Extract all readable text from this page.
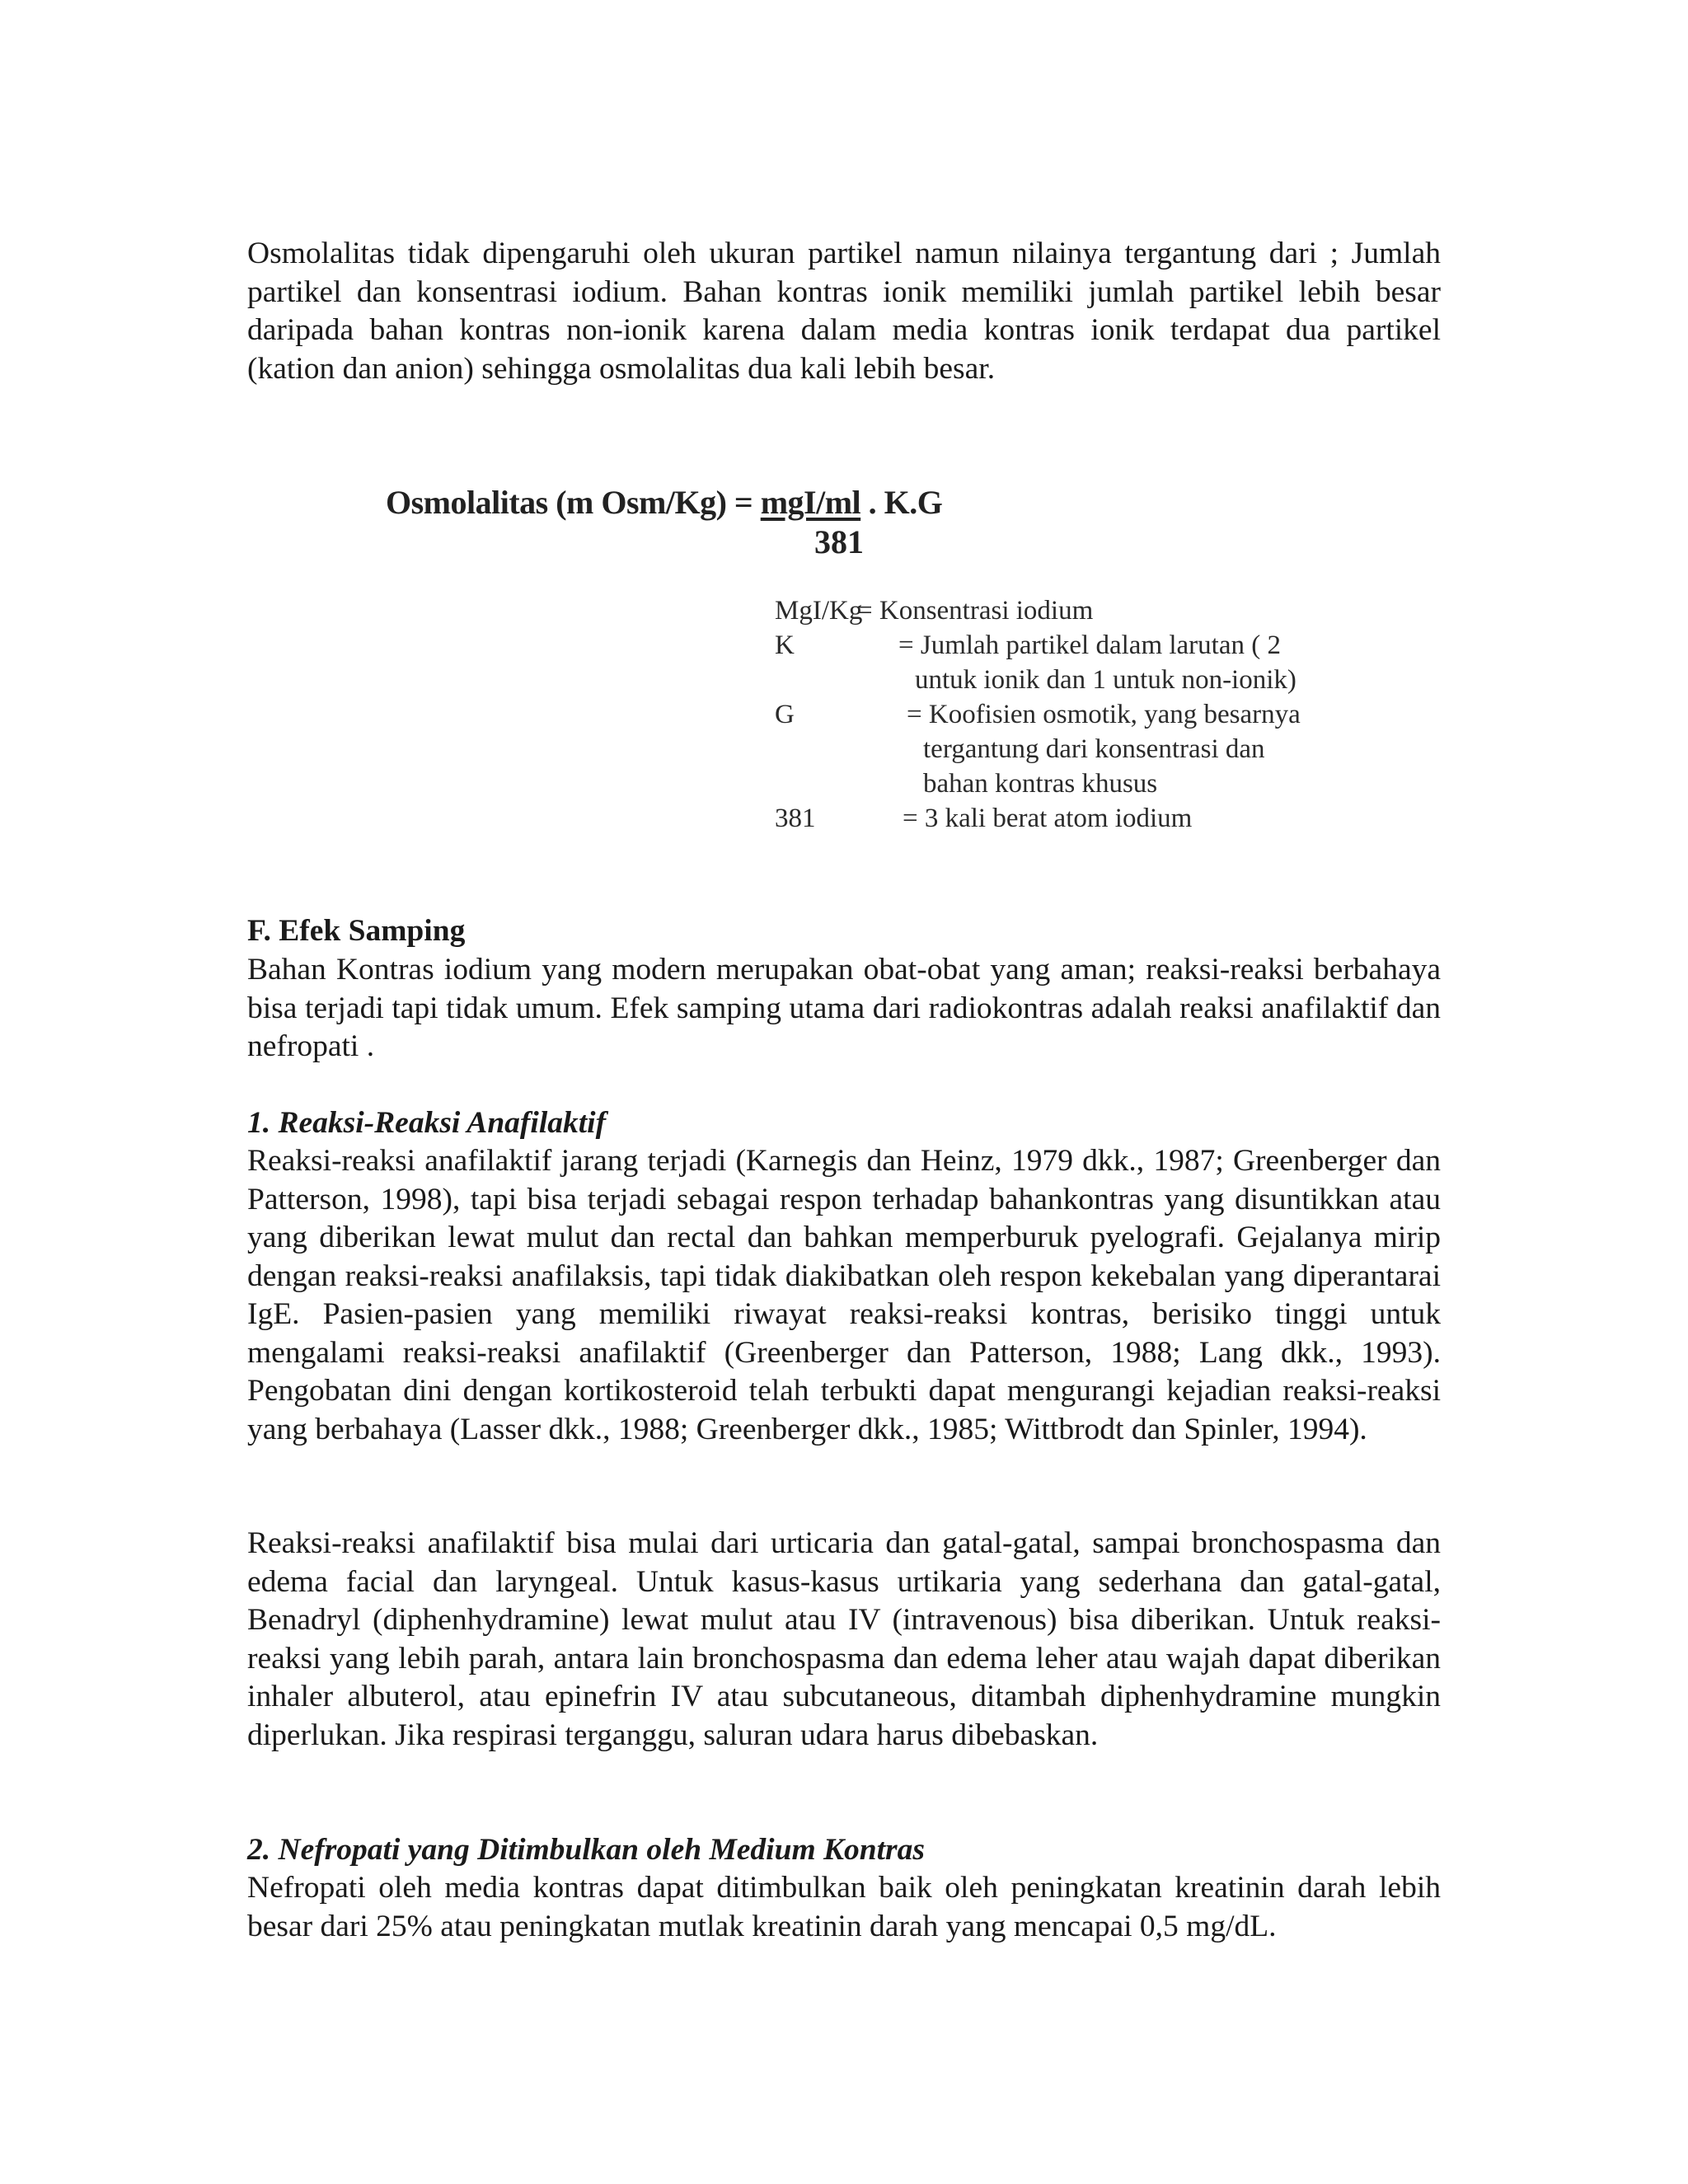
Osmolalitas tidak dipengaruhi oleh ukuran partikel namun nilainya tergantung dari ; Jumlah partikel dan konsentrasi iodium. Bahan kontras ionik memiliki jumlah partikel lebih besar daripada bahan kontras non-ionik karena dalam media kontras ionik terdapat dua partikel (kation dan anion) sehingga osmolalitas dua kali lebih besar.

Osmolalitas (m Osm/Kg) = mgI/ml . K.G
381
MgI/Kg
= Konsentrasi iodium
K	= Jumlah partikel dalam larutan ( 2
untuk ionik dan 1 untuk non-ionik)
G	= Koofisien osmotik, yang besarnya
tergantung dari konsentrasi dan
bahan kontras khusus
381	= 3 kali berat atom iodium
F. Efek Samping

Bahan Kontras iodium yang modern merupakan obat-obat yang aman; reaksi-reaksi berbahaya bisa terjadi tapi tidak umum. Efek samping utama dari radiokontras adalah reaksi anafilaktif dan nefropati .

1. Reaksi-Reaksi Anafilaktif

Reaksi-reaksi anafilaktif jarang terjadi (Karnegis dan Heinz, 1979 dkk., 1987; Greenberger dan Patterson, 1998), tapi bisa terjadi sebagai respon terhadap bahankontras yang disuntikkan atau yang diberikan lewat mulut dan rectal dan bahkan memperburuk pyelografi. Gejalanya mirip dengan reaksi-reaksi anafilaksis, tapi tidak diakibatkan oleh respon kekebalan yang diperantarai IgE. Pasien-pasien yang memiliki riwayat reaksi-reaksi kontras, berisiko tinggi untuk mengalami reaksi-reaksi anafilaktif (Greenberger dan Patterson, 1988; Lang dkk., 1993). Pengobatan dini dengan kortikosteroid telah terbukti dapat mengurangi kejadian reaksi-reaksi yang berbahaya (Lasser dkk., 1988; Greenberger dkk., 1985; Wittbrodt dan Spinler, 1994).

Reaksi-reaksi anafilaktif bisa mulai dari urticaria dan gatal-gatal, sampai bronchospasma dan edema facial dan laryngeal. Untuk kasus-kasus urtikaria yang sederhana dan gatal-gatal, Benadryl (diphenhydramine) lewat mulut atau IV (intravenous) bisa diberikan. Untuk reaksi-reaksi yang lebih parah, antara lain bronchospasma dan edema leher atau wajah dapat diberikan inhaler albuterol, atau epinefrin IV atau subcutaneous, ditambah diphenhydramine mungkin diperlukan. Jika respirasi terganggu, saluran udara harus dibebaskan.

2. Nefropati yang Ditimbulkan oleh Medium Kontras

Nefropati oleh media kontras dapat ditimbulkan baik oleh peningkatan kreatinin darah lebih besar dari 25% atau peningkatan mutlak kreatinin darah yang mencapai 0,5 mg/dL.
